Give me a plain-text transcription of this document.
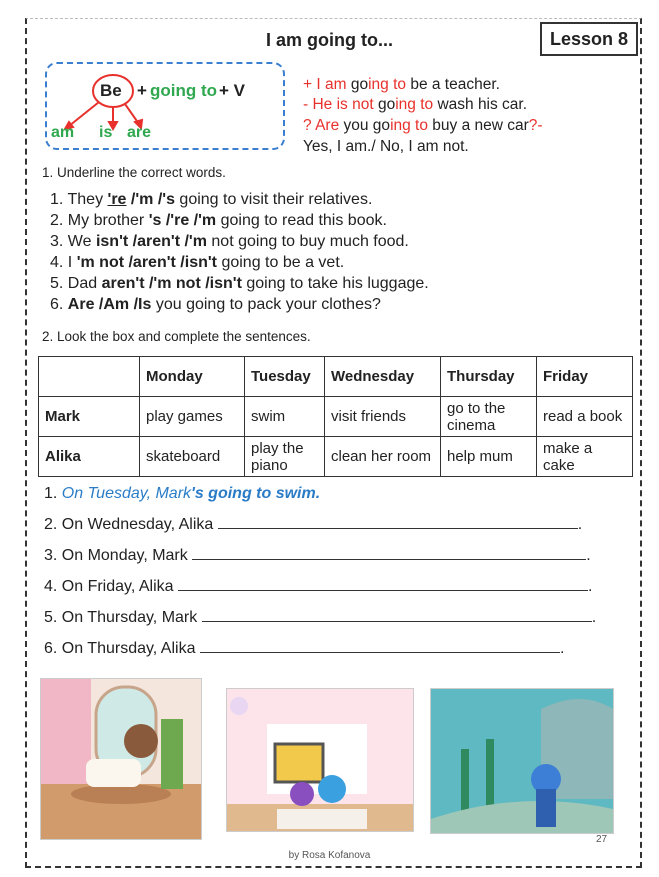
I am going to...	Lesson 8
Be + going to + V
am is are
+ I am going to be a teacher.
- He is not going to wash his car.
? Are you going to buy a new car?-
Yes, I am./ No, I am not.
1. Underline the correct words.
1. They 're /'m /'s going to visit their relatives.
2. My brother 's /'re /'m going to read this book.
3. We isn't /aren't /'m not going to buy much food.
4. I 'm not /aren't /isn't going to be a vet.
5. Dad aren't /'m not /isn't going to take his luggage.
6. Are /Am /Is you going to pack your clothes?
2. Look the box and complete the sentences.
	Monday	Tuesday	Wednesday	Thursday	Friday
Mark	play games	swim	visit friends	go to the cinema	read a book
Alika	skateboard	play the piano	clean her room	help mum	make a cake
1. On Tuesday, Mark's going to swim.
2. On Wednesday, Alika	.
3. On Monday, Mark	.
4. On Friday, Alika	.
5. On Thursday, Mark	.
6. On Thursday, Alika	.
27
by Rosa Kofanova
